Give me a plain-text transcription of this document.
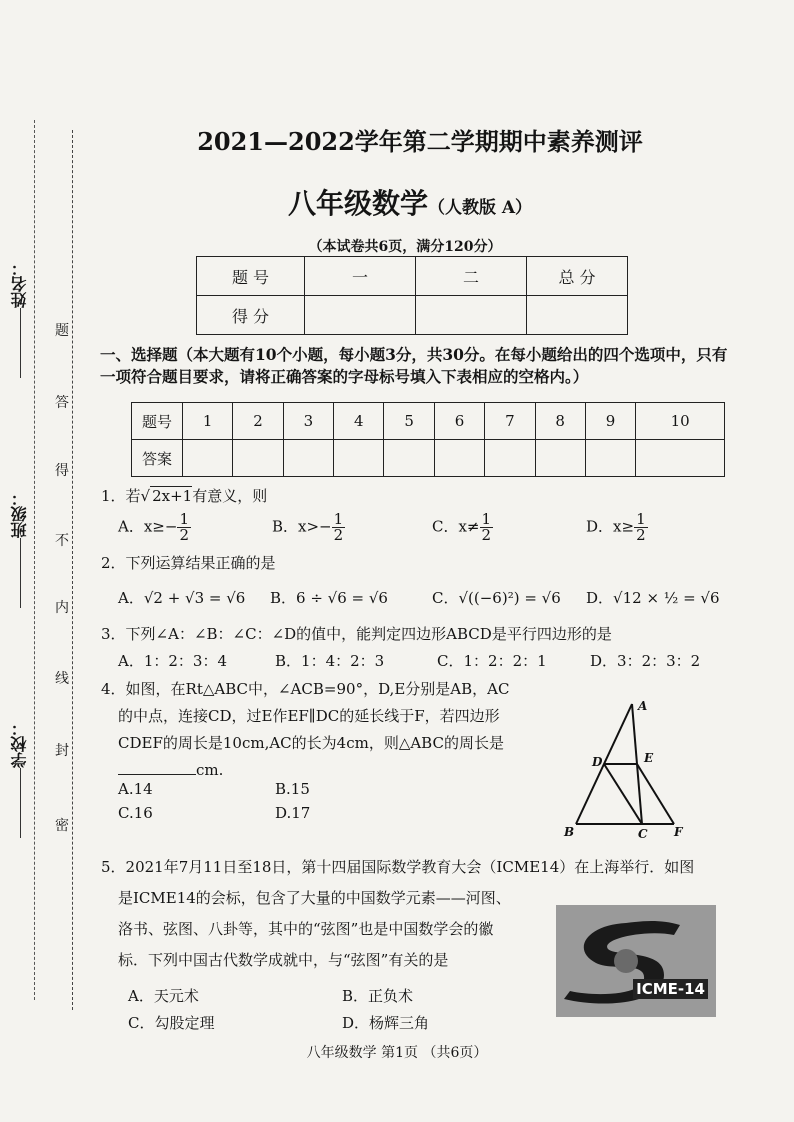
姓名：
班级：
学校：
题
答
得
不
内
线
封
密
2021—2022学年第二学期期中素养测评
八年级数学（人教版 A）
（本试卷共6页，满分120分）
题 号	一	二	总 分
得 分			
一、选择题（本大题有10个小题，每小题3分，共30分。在每小题给出的四个选项中，只有一项符合题目要求，请将正确答案的字母标号填入下表相应的空格内。）
题号	1	2	3	4	5	6	7	8	9	10
答案										
1．若√ 2x+1有意义，则
A．$x\ge- \frac{1}{2}$	B．$x>- \frac{1}{2}$	C．$x\ne \frac{1}{2}$	D．$x\ge \frac{1}{2}$
2．下列运算结果正确的是
A．√2 + √3 = √6 B．6 ÷ √6 = √6	C．√((−6)²) = √6 D．√12 × ½ = √6
3．下列∠A：∠B：∠C：∠D的值中，能判定四边形ABCD是平行四边形的是
A．1：2：3：4	B．1：4：2：3	C．1：2：2：1	D．3：2：3：2
4．如图，在Rt△ABC中，∠ACB=90°，D,E分别是AB，AC
的中点，连接CD，过E作EF∥DC的延长线于F，若四边形
CDEF的周长是10cm,AC的长为4cm，则△ABC的周长是
cm.
A.14	B.15
C.16	D.17
A
D	E
B	C F
5．2021年7月11日至18日，第十四届国际数学教育大会（ICME14）在上海举行．如图
是ICME14的会标，包含了大量的中国数学元素——河图、
洛书、弦图、八卦等，其中的“弦图”也是中国数学会的徽
标．下列中国古代数学成就中，与“弦图”有关的是
A．天元术	B．正负术
C．勾股定理	D．杨辉三角
ICME-14
八年级数学 第1页 （共6页）
